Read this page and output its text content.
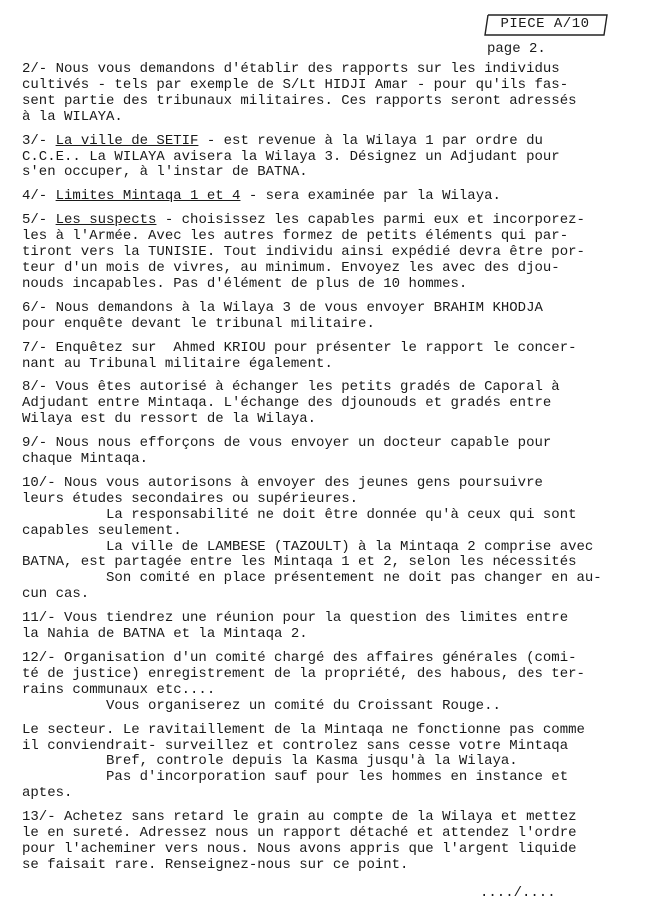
PIECE A/10
page 2.
2/- Nous vous demandons d'établir des rapports sur les individus
cultivés - tels par exemple de S/Lt HIDJI Amar - pour qu'ils fas-
sent partie des tribunaux militaires. Ces rapports seront adressés
à la WILAYA.
3/- La ville de SETIF - est revenue à la Wilaya 1 par ordre du
C.C.E.. La WILAYA avisera la Wilaya 3. Désignez un Adjudant pour
s'en occuper, à l'instar de BATNA.
4/- Limites Mintaqa 1 et 4 - sera examinée par la Wilaya.
5/- Les suspects - choisissez les capables parmi eux et incorporez-
les à l'Armée. Avec les autres formez de petits éléments qui par-
tiront vers la TUNISIE. Tout individu ainsi expédié devra être por-
teur d'un mois de vivres, au minimum. Envoyez les avec des djou-
nouds incapables. Pas d'élément de plus de 10 hommes.
6/- Nous demandons à la Wilaya 3 de vous envoyer BRAHIM KHODJA
pour enquête devant le tribunal militaire.
7/- Enquêtez sur  Ahmed KRIOU pour présenter le rapport le concer-
nant au Tribunal militaire également.
8/- Vous êtes autorisé à échanger les petits gradés de Caporal à
Adjudant entre Mintaqa. L'échange des djounouds et gradés entre
Wilaya est du ressort de la Wilaya.
9/- Nous nous efforçons de vous envoyer un docteur capable pour
chaque Mintaqa.
10/- Nous vous autorisons à envoyer des jeunes gens poursuivre
leurs études secondaires ou supérieures.
La responsabilité ne doit être donnée qu'à ceux qui sont
capables seulement.
La ville de LAMBESE (TAZOULT) à la Mintaqa 2 comprise avec
BATNA, est partagée entre les Mintaqa 1 et 2, selon les nécessités
Son comité en place présentement ne doit pas changer en au-
cun cas.
11/- Vous tiendrez une réunion pour la question des limites entre
la Nahia de BATNA et la Mintaqa 2.
12/- Organisation d'un comité chargé des affaires générales (comi-
té de justice) enregistrement de la propriété, des habous, des ter-
rains communaux etc....
Vous organiserez un comité du Croissant Rouge..
Le secteur. Le ravitaillement de la Mintaqa ne fonctionne pas comme
il conviendrait- surveillez et controlez sans cesse votre Mintaqa
Bref, controle depuis la Kasma jusqu'à la Wilaya.
Pas d'incorporation sauf pour les hommes en instance et
aptes.
13/- Achetez sans retard le grain au compte de la Wilaya et mettez
le en sureté. Adressez nous un rapport détaché et attendez l'ordre
pour l'acheminer vers nous. Nous avons appris que l'argent liquide
se faisait rare. Renseignez-nous sur ce point.
..../....
